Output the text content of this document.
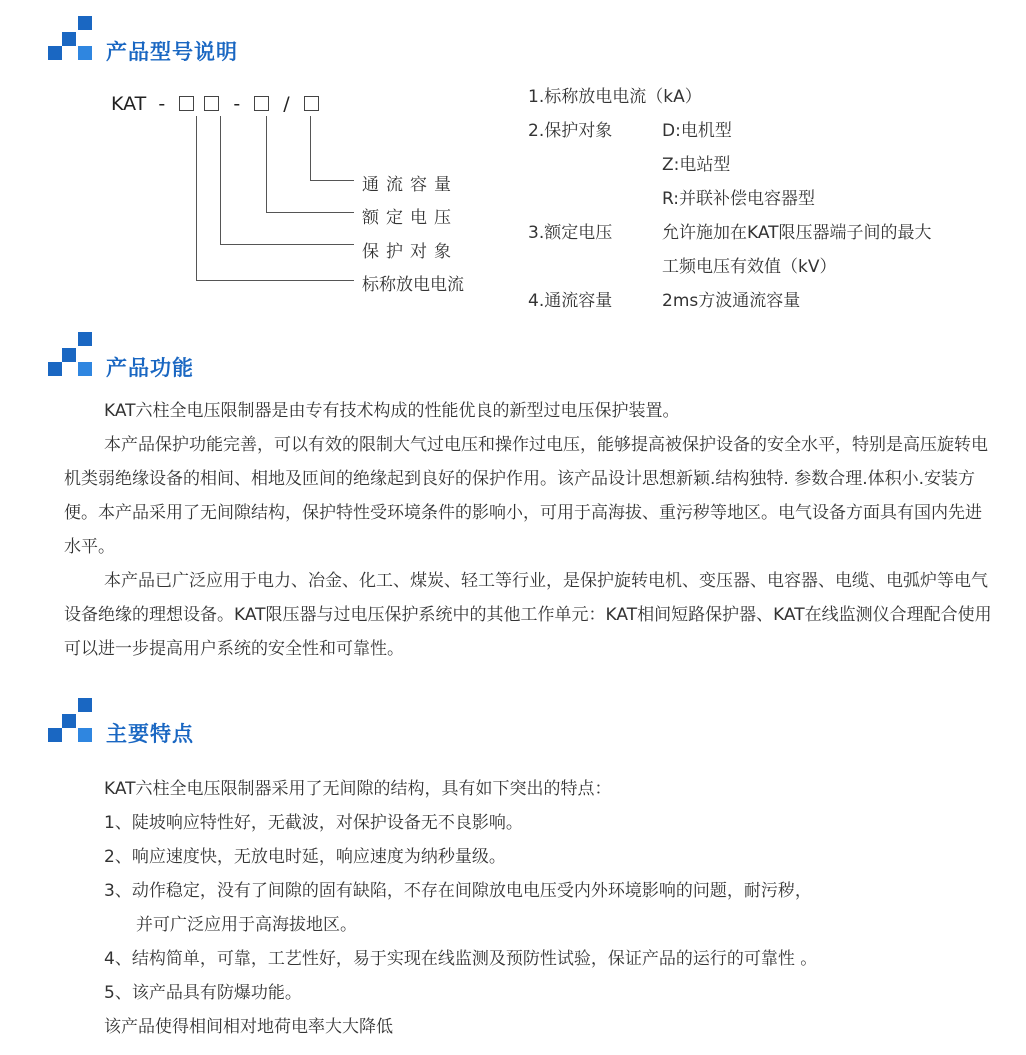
产品型号说明
KAT -	- /
通流容量
额定电压
保护对象
标称放电电流
1.标称放电电流（kA）
2.保护对象	D:电机型
Z:电站型
R:并联补偿电容器型
3.额定电压	允许施加在KAT限压器端子间的最大
工频电压有效值（kV）
4.通流容量	2ms方波通流容量
产品功能

KAT六柱全电压限制器是由专有技术构成的性能优良的新型过电压保护装置。

本产品保护功能完善，可以有效的限制大气过电压和操作过电压，能够提高被保护设备的安全水平，特别是高压旋转电机类弱绝缘设备的相间、相地及匝间的绝缘起到良好的保护作用。该产品设计思想新颖.结构独特. 参数合理.体积小.安装方便。本产品采用了无间隙结构，保护特性受环境条件的影响小，可用于高海拔、重污秽等地区。电气设备方面具有国内先进水平。

本产品已广泛应用于电力、冶金、化工、煤炭、轻工等行业，是保护旋转电机、变压器、电容器、电缆、电弧炉等电气设备绝缘的理想设备。KAT限压器与过电压保护系统中的其他工作单元：KAT相间短路保护器、KAT在线监测仪合理配合使用可以进一步提高用户系统的安全性和可靠性。

主要特点
KAT六柱全电压限制器采用了无间隙的结构，具有如下突出的特点：
1、陡坡响应特性好，无截波，对保护设备无不良影响。
2、响应速度快，无放电时延，响应速度为纳秒量级。
3、动作稳定，没有了间隙的固有缺陷，不存在间隙放电电压受内外环境影响的问题，耐污秽，
并可广泛应用于高海拔地区。
4、结构简单，可靠，工艺性好，易于实现在线监测及预防性试验，保证产品的运行的可靠性 。
5、该产品具有防爆功能。
该产品使得相间相对地荷电率大大降低
